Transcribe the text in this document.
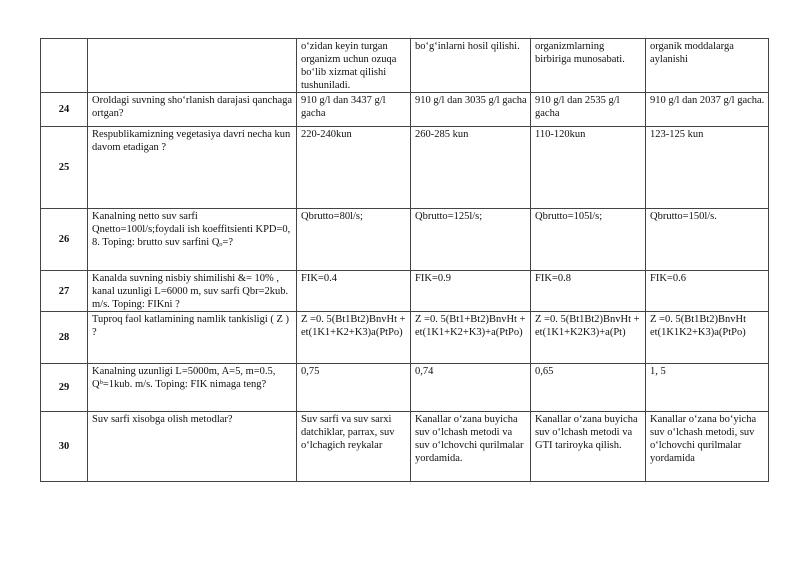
		o‘zidan keyin turgan organizm uchun ozuqa bo‘lib xizmat qilishi tushuniladi.	bo‘g‘inlarni hosil qilishi.	organizmlarning birbiriga munosabati.	organik moddalarga aylanishi
24	Oroldagi suvning sho‘rlanish darajasi qanchaga ortgan?	910 g/l dan 3437 g/l gacha	910 g/l dan 3035 g/l gacha	910 g/l dan 2535 g/l gacha	910 g/l dan 2037 g/l gacha.
25	Respublikamizning vegetasiya davri necha kun davom etadigan ?	220-240kun	260-285 kun	110-120kun	123-125 kun
26	Kanalning netto suv sarfi Qnetto=100l/s;foydali ish koeffitsienti KPD=0, 8. Toping: brutto suv sarfini Qₒ=?	Qbrutto=80l/s;	Qbrutto=125l/s;	Qbrutto=105l/s;	Qbrutto=150l/s.
27	Kanalda suvning nisbiy shimilishi &= 10% , kanal uzunligi L=6000 m, suv sarfi Qbr=2kub. m/s. Toping: FIKni ?	FIK=0.4	FIK=0.9	FIK=0.8	FIK=0.6
28	Tuproq faol katlamining namlik tankisligi ( Z ) ?	Z =0. 5(Bt1Bt2)BnvHt + et(1K1+K2+K3)a(PtPo)	Z =0. 5(Bt1+Bt2)BnvHt + et(1K1+K2+K3)+a(PtPo)	Z =0. 5(Bt1Bt2)BnvHt + et(1K1+K2K3)+a(Pt)	Z =0. 5(Bt1Bt2)BnvHt et(1K1K2+K3)a(PtPo)
29	Kanalning uzunligi L=5000m, A=5, m=0.5, Qᵇ=1kub. m/s. Toping: FIK nimaga teng?	0,75	0,74	0,65	1, 5
30	Suv sarfi xisobga olish metodlar?	Suv sarfi va suv sarxi datchiklar, parrax, suv o‘lchagich reykalar	Kanallar o‘zana buyicha suv o‘lchash metodi va suv o‘lchovchi qurilmalar yordamida.	Kanallar o‘zana buyicha suv o‘lchash metodi va GTI tariroyka qilish.	Kanallar o‘zana bo‘yicha suv o‘lchash metodi, suv o‘lchovchi qurilmalar yordamida
